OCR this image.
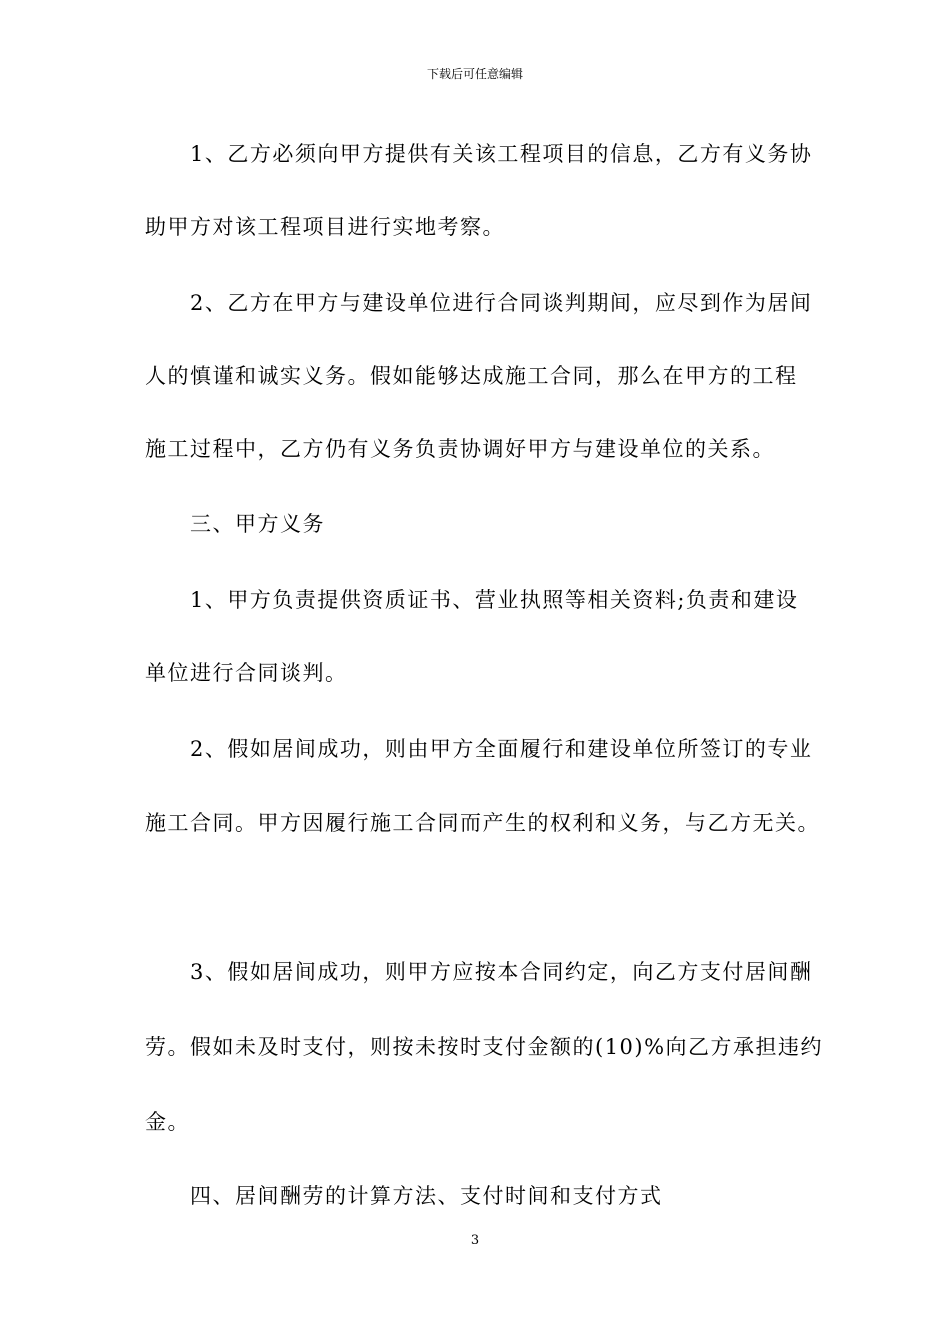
下载后可任意编辑
1、乙方必须向甲方提供有关该工程项目的信息，乙方有义务协
助甲方对该工程项目进行实地考察。
2、乙方在甲方与建设单位进行合同谈判期间，应尽到作为居间
人的慎谨和诚实义务。假如能够达成施工合同，那么在甲方的工程
施工过程中，乙方仍有义务负责协调好甲方与建设单位的关系。
三、甲方义务
1、甲方负责提供资质证书、营业执照等相关资料;负责和建设
单位进行合同谈判。
2、假如居间成功，则由甲方全面履行和建设单位所签订的专业
施工合同。甲方因履行施工合同而产生的权利和义务，与乙方无关。
3、假如居间成功，则甲方应按本合同约定，向乙方支付居间酬
劳。假如未及时支付，则按未按时支付金额的(10)%向乙方承担违约
金。
四、居间酬劳的计算方法、支付时间和支付方式
3
